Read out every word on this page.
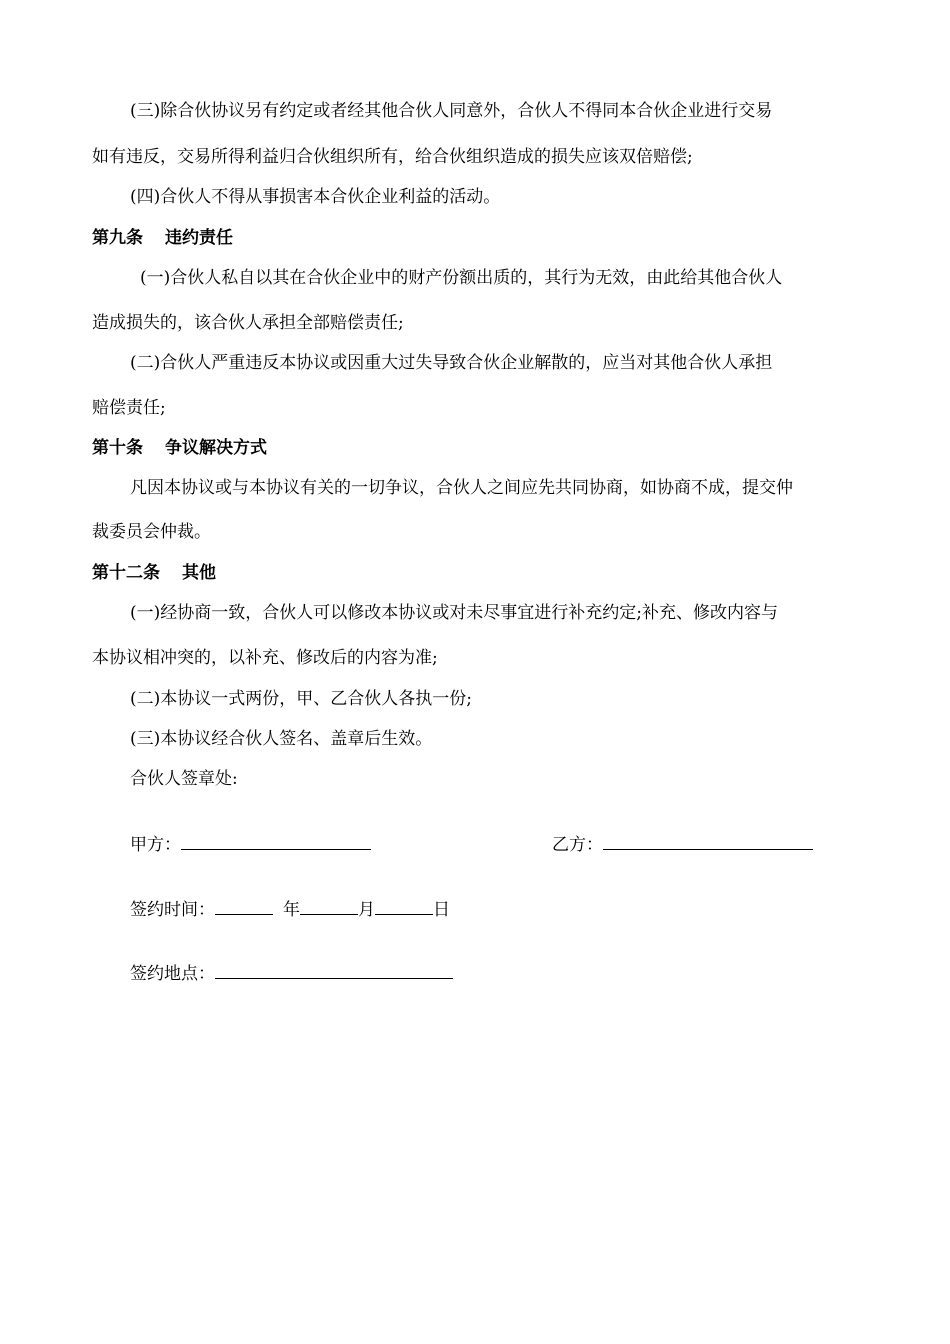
(三)除合伙协议另有约定或者经其他合伙人同意外，合伙人不得同本合伙企业进行交易
如有违反，交易所得利益归合伙组织所有，给合伙组织造成的损失应该双倍赔偿;
(四)合伙人不得从事损害本合伙企业利益的活动。
第九条 违约责任
(一)合伙人私自以其在合伙企业中的财产份额出质的，其行为无效，由此给其他合伙人
造成损失的，该合伙人承担全部赔偿责任;
(二)合伙人严重违反本协议或因重大过失导致合伙企业解散的，应当对其他合伙人承担
赔偿责任;
第十条 争议解决方式
凡因本协议或与本协议有关的一切争议，合伙人之间应先共同协商，如协商不成，提交仲
裁委员会仲裁。
第十二条 其他
(一)经协商一致，合伙人可以修改本协议或对未尽事宜进行补充约定;补充、修改内容与
本协议相冲突的，以补充、修改后的内容为准;
(二)本协议一式两份，甲、乙合伙人各执一份;
(三)本协议经合伙人签名、盖章后生效。
合伙人签章处:
甲方：	乙方：
签约时间：	年	月	日
签约地点：
